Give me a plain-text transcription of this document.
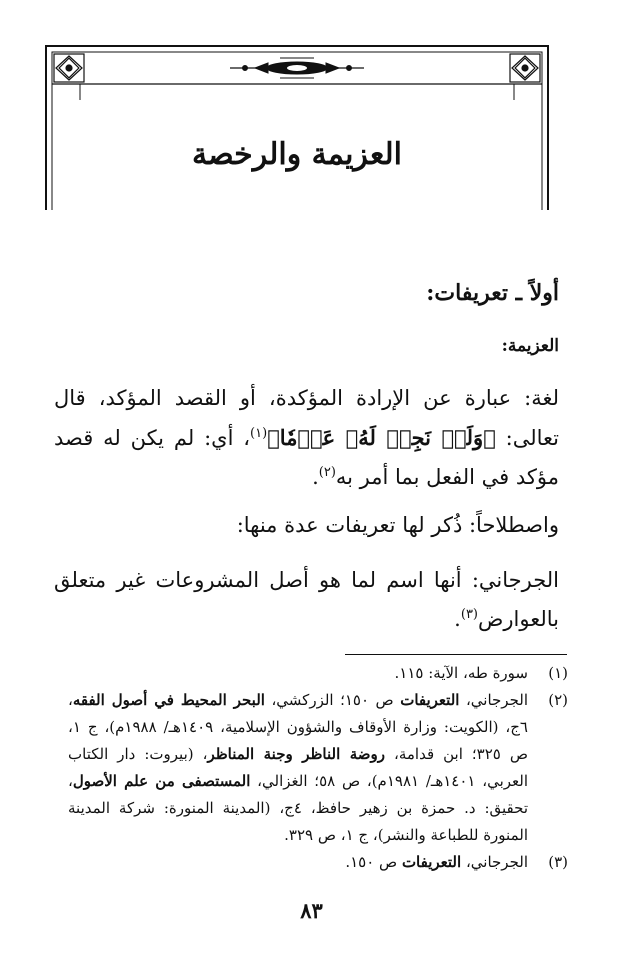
العزيمة والرخصة
أولاً ـ تعريفات:
العزيمة:
لغة: عبارة عن الإرادة المؤكدة، أو القصد المؤكد، قال تعالى: ﴿وَلَمۡ نَجِدۡ لَهُۥ عَزۡمٗا﴾$^{(١)}$، أي: لم يكن له قصد مؤكد في الفعل بما أمر به$^{(٢)}$.
واصطلاحاً: ذُكر لها تعريفات عدة منها:
الجرجاني: أنها اسم لما هو أصل المشروعات غير متعلق بالعوارض$^{(٣)}$.
(١)
سورة طه، الآية: ١١٥.
(٢)
الجرجاني، التعريفات ص ١٥٠؛ الزركشي، البحر المحيط في أصول الفقه، ٦ج، (الكويت: وزارة الأوقاف والشؤون الإسلامية، ١٤٠٩هـ/ ١٩٨٨م)، ج ١، ص ٣٢٥؛ ابن قدامة، روضة الناظر وجنة المناظر، (بيروت: دار الكتاب العربي، ١٤٠١هـ/ ١٩٨١م)، ص ٥٨؛ الغزالي، المستصفى من علم الأصول، تحقيق: د. حمزة بن زهير حافظ، ٤ج، (المدينة المنورة: شركة المدينة المنورة للطباعة والنشر)، ج ١، ص ٣٢٩.
(٣)
الجرجاني، التعريفات ص ١٥٠.
٨٣
